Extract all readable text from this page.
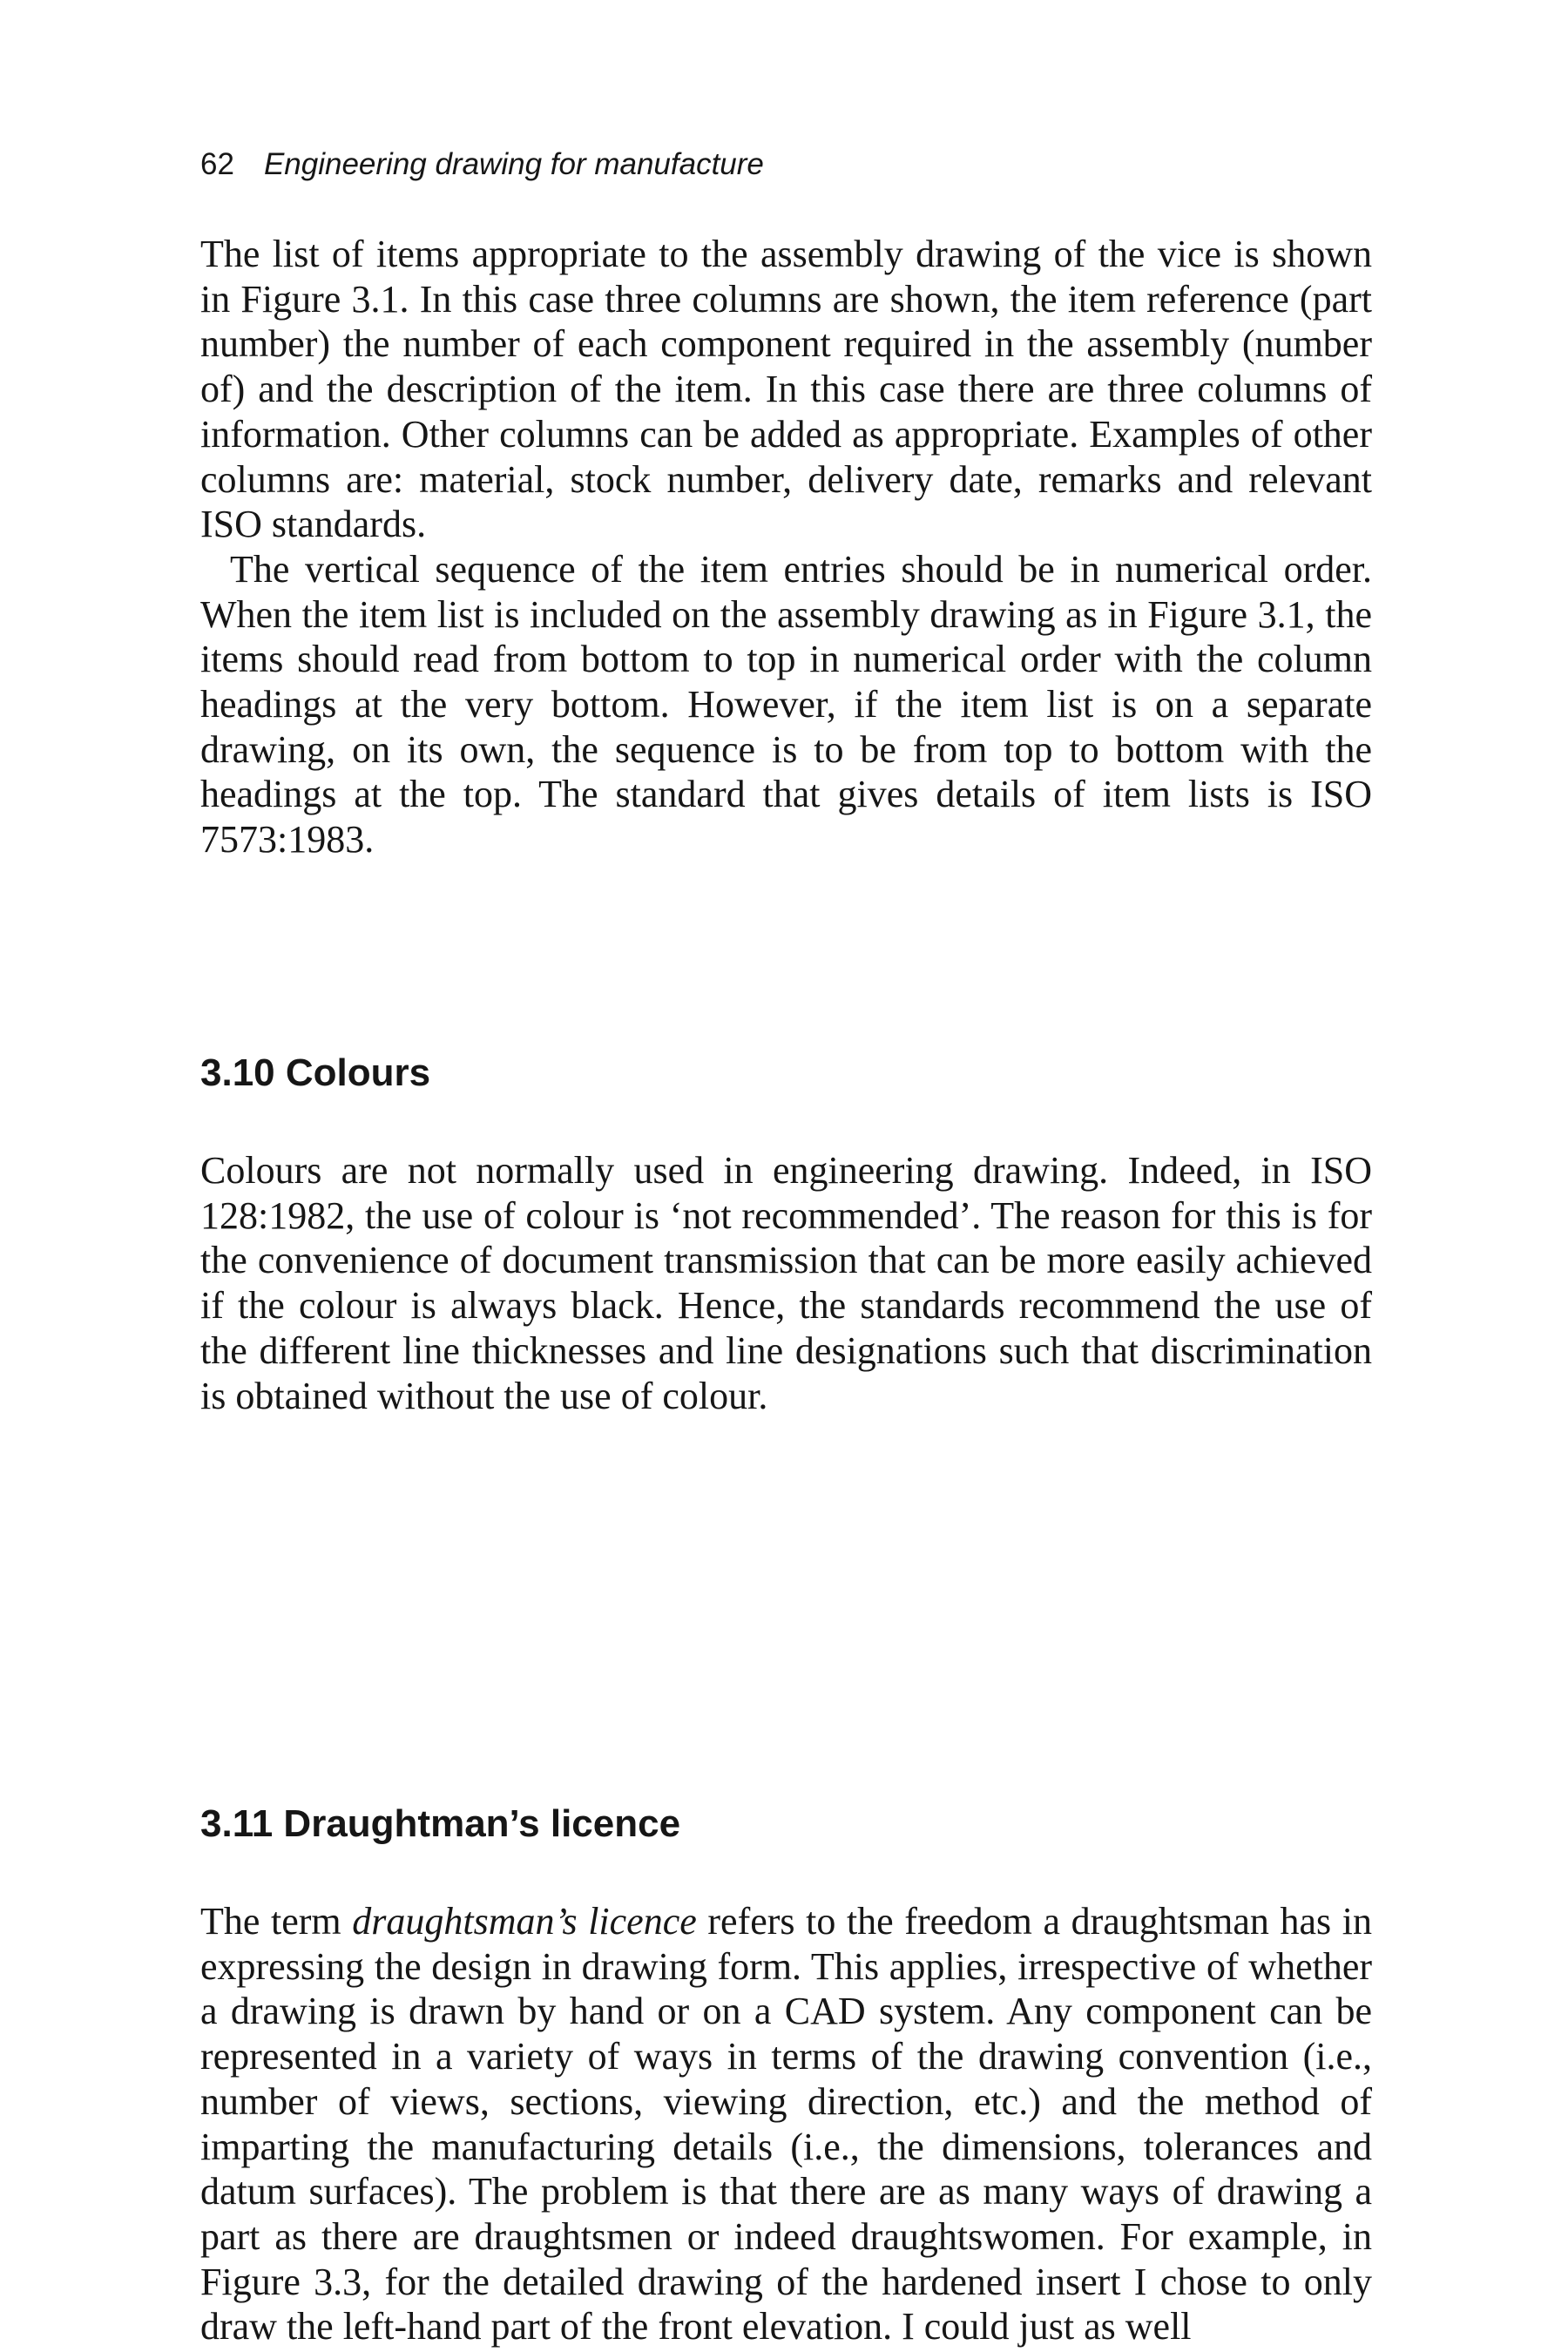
62 Engineering drawing for manufacture

The list of items appropriate to the assembly drawing of the vice is shown in Figure 3.1. In this case three columns are shown, the item reference (part number) the number of each component required in the assembly (number of) and the description of the item. In this case there are three columns of information. Other columns can be added as appropriate. Examples of other columns are: material, stock number, delivery date, remarks and relevant ISO standards.

The vertical sequence of the item entries should be in numerical order. When the item list is included on the assembly drawing as in Figure 3.1, the items should read from bottom to top in numerical order with the column headings at the very bottom. However, if the item list is on a separate drawing, on its own, the sequence is to be from top to bottom with the headings at the top. The standard that gives details of item lists is ISO 7573:1983.

3.10 Colours

Colours are not normally used in engineering drawing. Indeed, in ISO 128:1982, the use of colour is ‘not recommended’. The reason for this is for the convenience of document transmission that can be more easily achieved if the colour is always black. Hence, the standards recommend the use of the different line thicknesses and line designations such that discrimination is obtained without the use of colour.

3.11 Draughtman’s licence

The term draughtsman’s licence refers to the freedom a draughtsman has in expressing the design in drawing form. This applies, irrespective of whether a drawing is drawn by hand or on a CAD system. Any component can be represented in a variety of ways in terms of the drawing convention (i.e., number of views, sections, viewing direction, etc.) and the method of imparting the manufacturing details (i.e., the dimensions, tolerances and datum surfaces). The problem is that there are as many ways of drawing a part as there are draughtsmen or indeed draughtswomen. For example, in Figure 3.3, for the detailed drawing of the hardened insert I chose to only draw the left-hand part of the front elevation. I could just as well
